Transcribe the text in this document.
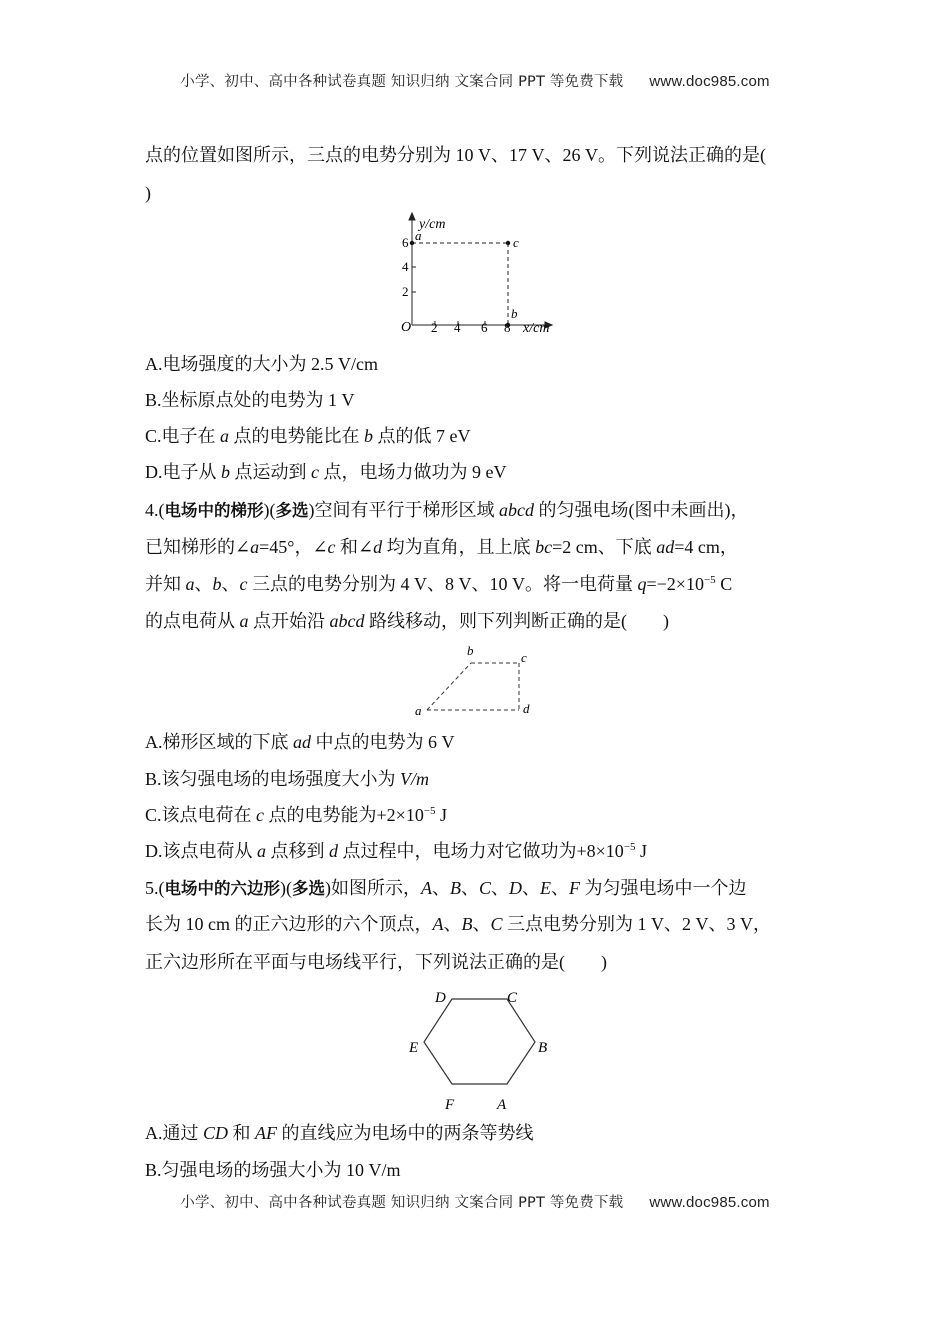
小学、初中、高中各种试卷真题 知识归纳 文案合同 PPT 等免费下载 www.doc985.com
点的位置如图所示，三点的电势分别为 10 V、17 V、26 V。下列说法正确的是(
)
A.电场强度的大小为 2.5 V/cm
B.坐标原点处的电势为 1 V
C.电子在 a 点的电势能比在 b 点的低 7 eV
D.电子从 b 点运动到 c 点，电场力做功为 9 eV
4.(电场中的梯形)(多选)空间有平行于梯形区域 abcd 的匀强电场(图中未画出)，
已知梯形的∠a=45°，∠c 和∠d 均为直角，且上底 bc=2 cm、下底 ad=4 cm，
并知 a、b、c 三点的电势分别为 4 V、8 V、10 V。将一电荷量 $q=-2\times 10^{-5}$ C
的点电荷从 a 点开始沿 abcd 路线移动，则下列判断正确的是(　　)
A.梯形区域的下底 ad 中点的电势为 6 V
B.该匀强电场的电场强度大小为 V/m
C.该点电荷在 c 点的电势能为$+2\times 10^{-5}$ J
D.该点电荷从 a 点移到 d 点过程中，电场力对它做功为$+8\times 10^{-5}$ J
5.(电场中的六边形)(多选)如图所示，A、B、C、D、E、F 为匀强电场中一个边
长为 10 cm 的正六边形的六个顶点，A、B、C 三点电势分别为 1 V、2 V、3 V，
正六边形所在平面与电场线平行，下列说法正确的是(　　)
A.通过 CD 和 AF 的直线应为电场中的两条等势线
B.匀强电场的场强大小为 10 V/m
y/cm
x/cm
O 2 4 6 8
2
4
6 a
b
c
a
b	c
d
A
B
C
D
E
F
小学、初中、高中各种试卷真题 知识归纳 文案合同 PPT 等免费下载 www.doc985.com
